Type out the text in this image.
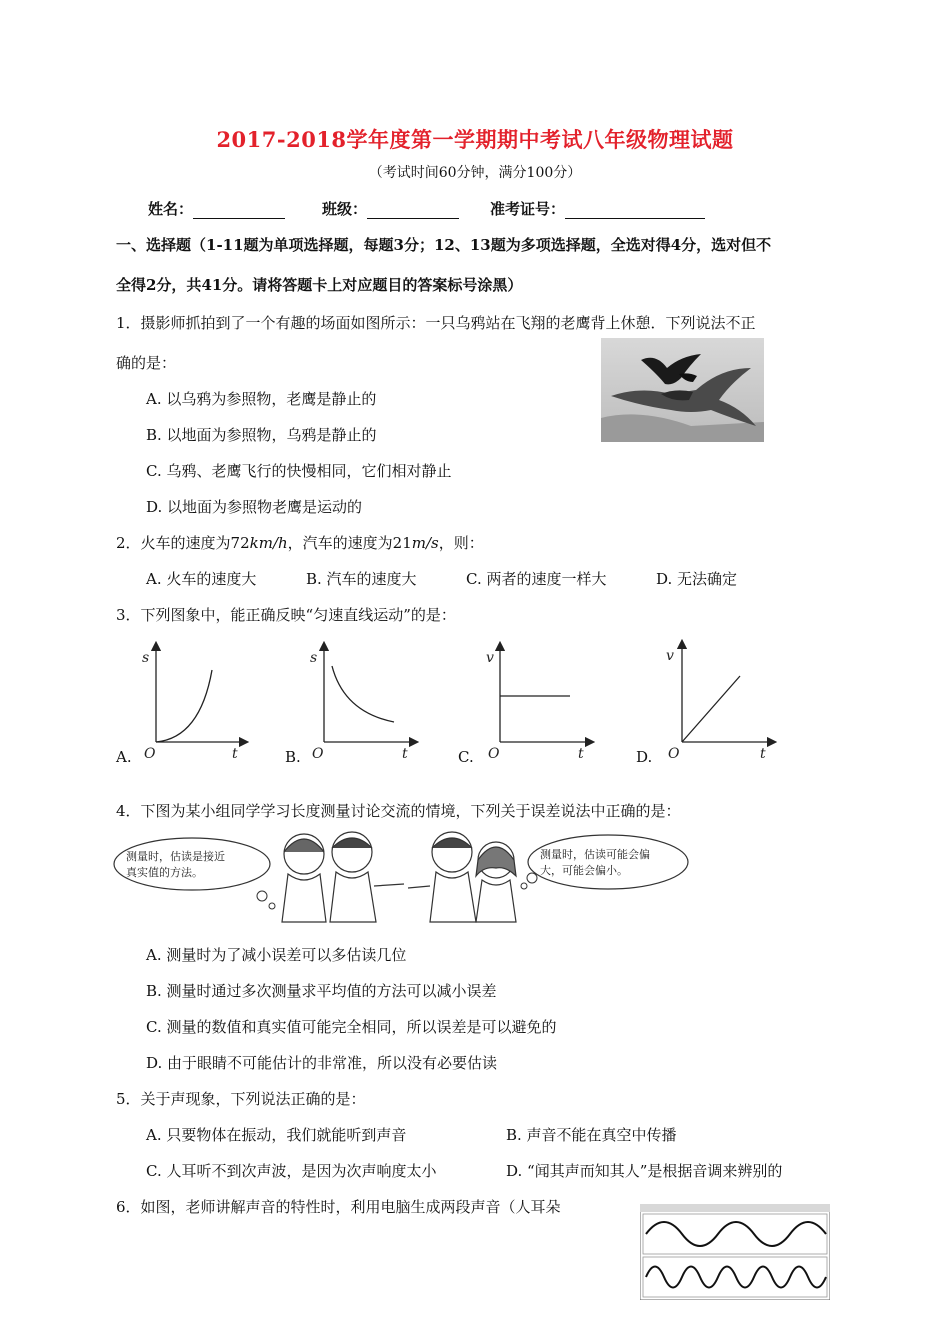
2017-2018学年度第一学期期中考试八年级物理试题
（考试时间60分钟，满分100分）
姓名：	班级：	准考证号：
一、选择题（1-11题为单项选择题，每题3分；12、13题为多项选择题，全选对得4分，选对但不
全得2分，共41分。请将答题卡上对应题目的答案标号涂黑）
1．摄影师抓拍到了一个有趣的场面如图所示：一只乌鸦站在飞翔的老鹰背上休憩．下列说法不正
确的是：
A. 以乌鸦为参照物，老鹰是静止的
B. 以地面为参照物，乌鸦是静止的
C. 乌鸦、老鹰飞行的快慢相同，它们相对静止
D. 以地面为参照物老鹰是运动的
2．火车的速度为72km/h，汽车的速度为21m/s，则：
A. 火车的速度大	B. 汽车的速度大	C. 两者的速度一样大	D. 无法确定
3．下列图象中，能正确反映“匀速直线运动”的是：
A.
s
t
O	B.
s
t
O	C.
v
t
O	D.
v
t
O
4．下图为某小组同学学习长度测量讨论交流的情境，下列关于误差说法中正确的是：
测量时，估读是接近
真实值的方法。
测量时，估读可能会偏
大，可能会偏小。
A. 测量时为了减小误差可以多估读几位
B. 测量时通过多次测量求平均值的方法可以减小误差
C. 测量的数值和真实值可能完全相同，所以误差是可以避免的
D. 由于眼睛不可能估计的非常准，所以没有必要估读
5．关于声现象，下列说法正确的是：
A. 只要物体在振动，我们就能听到声音	B. 声音不能在真空中传播
C. 人耳听不到次声波，是因为次声响度太小	D. “闻其声而知其人”是根据音调来辨别的
6．如图，老师讲解声音的特性时，利用电脑生成两段声音（人耳朵
